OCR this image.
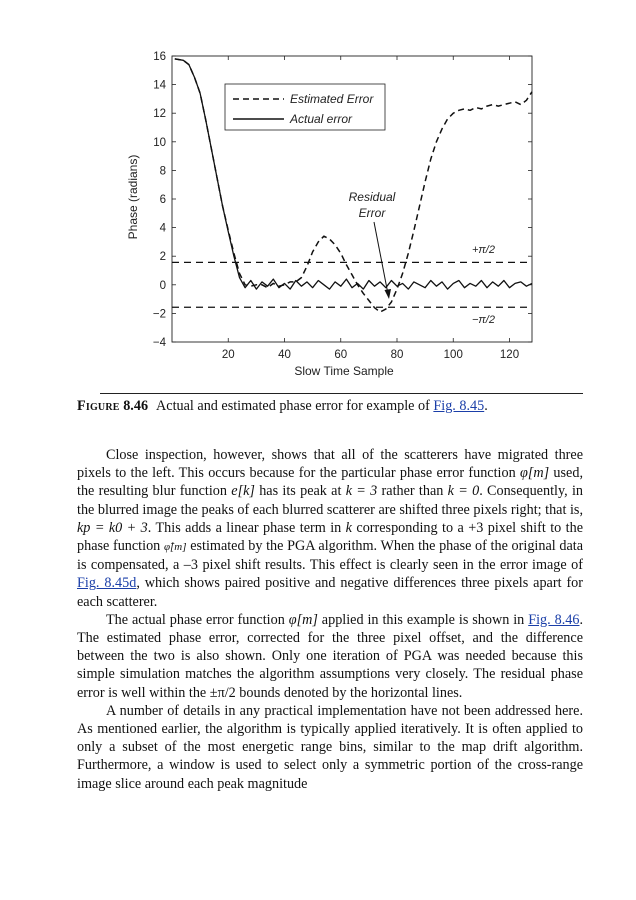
20	40	60	80	100	120
−4
−2
0
2
4
6
8
10
12
14
16
Phase (radians)
Slow Time Sample
Estimated Error
Actual error
Residual
Error
+π/2
−π/2
Figure 8.46 Actual and estimated phase error for example of Fig. 8.45.

Close inspection, however, shows that all of the scatterers have migrated three pixels to the left. This occurs because for the particular phase error function φ[m] used, the resulting blur function e[k] has its peak at k = 3 rather than k = 0. Consequently, in the blurred image the peaks of each blurred scatterer are shifted three pixels right; that is, kp = k0 + 3. This adds a linear phase term in k corresponding to a +3 pixel shift to the phase function φ̂[m] estimated by the PGA algorithm. When the phase of the original data is compensated, a –3 pixel shift results. This effect is clearly seen in the error image of Fig. 8.45d, which shows paired positive and negative differences three pixels apart for each scatterer.

The actual phase error function φ[m] applied in this example is shown in Fig. 8.46. The estimated phase error, corrected for the three pixel offset, and the difference between the two is also shown. Only one iteration of PGA was needed because this simple simulation matches the algorithm assumptions very closely. The residual phase error is well within the ±π/2 bounds denoted by the horizontal lines.

A number of details in any practical implementation have not been addressed here. As mentioned earlier, the algorithm is typically applied iteratively. It is often applied to only a subset of the most energetic range bins, similar to the map drift algorithm. Furthermore, a window is used to select only a symmetric portion of the cross-range image slice around each peak magnitude
